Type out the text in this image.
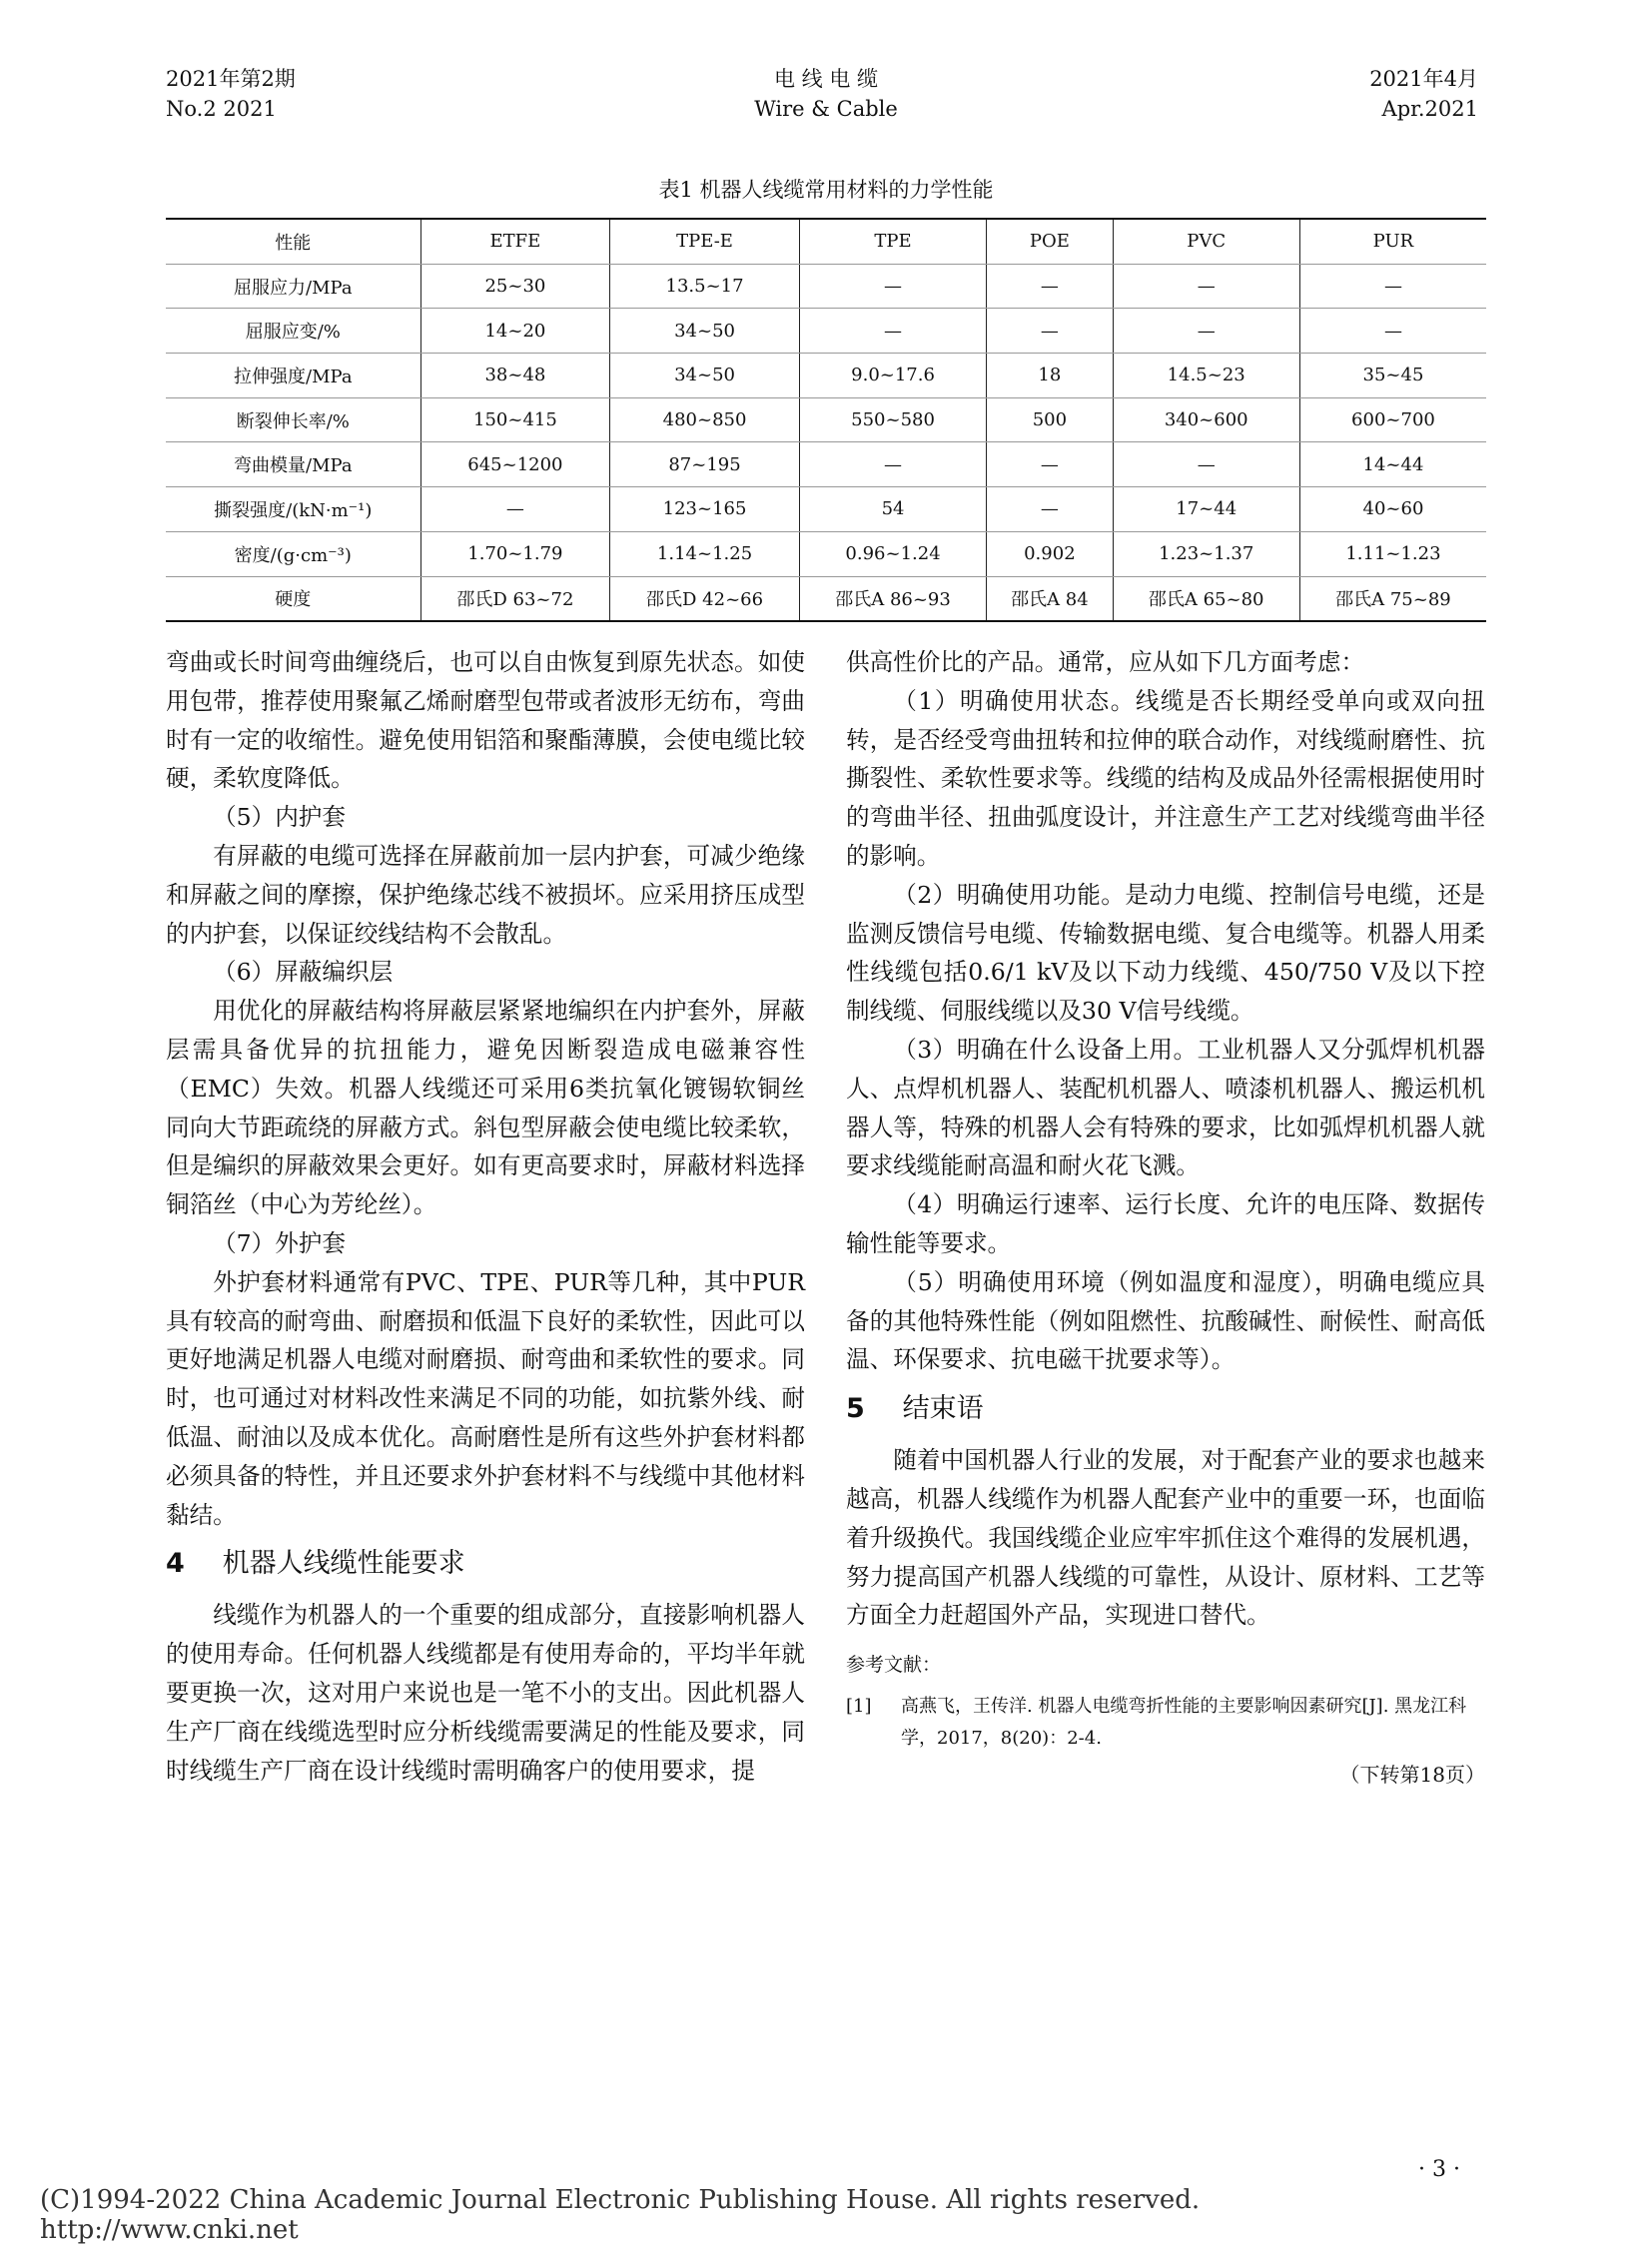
2021年第2期
No.2 2021
电 线 电 缆
Wire & Cable
2021年4月
Apr.2021
表1 机器人线缆常用材料的力学性能
性能	ETFE	TPE-E	TPE	POE	PVC	PUR
屈服应力/MPa	25~30	13.5~17	—	—	—	—
屈服应变/%	14~20	34~50	—	—	—	—
拉伸强度/MPa	38~48	34~50	9.0~17.6	18	14.5~23	35~45
断裂伸长率/%	150~415	480~850	550~580	500	340~600	600~700
弯曲模量/MPa	645~1200	87~195	—	—	—	14~44
撕裂强度/(kN·m⁻¹)	—	123~165	54	—	17~44	40~60
密度/(g·cm⁻³)	1.70~1.79	1.14~1.25	0.96~1.24	0.902	1.23~1.37	1.11~1.23
硬度	邵氏D 63~72	邵氏D 42~66	邵氏A 86~93	邵氏A 84	邵氏A 65~80	邵氏A 75~89

弯曲或长时间弯曲缠绕后，也可以自由恢复到原先状态。如使用包带，推荐使用聚氟乙烯耐磨型包带或者波形无纺布，弯曲时有一定的收缩性。避免使用铝箔和聚酯薄膜，会使电缆比较硬，柔软度降低。

（5）内护套

有屏蔽的电缆可选择在屏蔽前加一层内护套，可减少绝缘和屏蔽之间的摩擦，保护绝缘芯线不被损坏。应采用挤压成型的内护套，以保证绞线结构不会散乱。

（6）屏蔽编织层

用优化的屏蔽结构将屏蔽层紧紧地编织在内护套外，屏蔽层需具备优异的抗扭能力，避免因断裂造成电磁兼容性（EMC）失效。机器人线缆还可采用6类抗氧化镀锡软铜丝同向大节距疏绕的屏蔽方式。斜包型屏蔽会使电缆比较柔软，但是编织的屏蔽效果会更好。如有更高要求时，屏蔽材料选择铜箔丝（中心为芳纶丝）。

（7）外护套

外护套材料通常有PVC、TPE、PUR等几种，其中PUR具有较高的耐弯曲、耐磨损和低温下良好的柔软性，因此可以更好地满足机器人电缆对耐磨损、耐弯曲和柔软性的要求。同时，也可通过对材料改性来满足不同的功能，如抗紫外线、耐低温、耐油以及成本优化。高耐磨性是所有这些外护套材料都必须具备的特性，并且还要求外护套材料不与线缆中其他材料黏结。

4 机器人线缆性能要求

线缆作为机器人的一个重要的组成部分，直接影响机器人的使用寿命。任何机器人线缆都是有使用寿命的，平均半年就要更换一次，这对用户来说也是一笔不小的支出。因此机器人生产厂商在线缆选型时应分析线缆需要满足的性能及要求，同时线缆生产厂商在设计线缆时需明确客户的使用要求，提

供高性价比的产品。通常，应从如下几方面考虑：

（1）明确使用状态。线缆是否长期经受单向或双向扭转，是否经受弯曲扭转和拉伸的联合动作，对线缆耐磨性、抗撕裂性、柔软性要求等。线缆的结构及成品外径需根据使用时的弯曲半径、扭曲弧度设计，并注意生产工艺对线缆弯曲半径的影响。

（2）明确使用功能。是动力电缆、控制信号电缆，还是监测反馈信号电缆、传输数据电缆、复合电缆等。机器人用柔性线缆包括0.6/1 kV及以下动力线缆、450/750 V及以下控制线缆、伺服线缆以及30 V信号线缆。

（3）明确在什么设备上用。工业机器人又分弧焊机机器人、点焊机机器人、装配机机器人、喷漆机机器人、搬运机机器人等，特殊的机器人会有特殊的要求，比如弧焊机机器人就要求线缆能耐高温和耐火花飞溅。

（4）明确运行速率、运行长度、允许的电压降、数据传输性能等要求。

（5）明确使用环境（例如温度和湿度），明确电缆应具备的其他特殊性能（例如阻燃性、抗酸碱性、耐候性、耐高低温、环保要求、抗电磁干扰要求等）。

5 结束语

随着中国机器人行业的发展，对于配套产业的要求也越来越高，机器人线缆作为机器人配套产业中的重要一环，也面临着升级换代。我国线缆企业应牢牢抓住这个难得的发展机遇，努力提高国产机器人线缆的可靠性，从设计、原材料、工艺等方面全力赶超国外产品，实现进口替代。

参考文献：
[1]	高燕飞，王传洋. 机器人电缆弯折性能的主要影响因素研究[J]. 黑龙江科学，2017，8(20)：2-4.
（下转第18页）
· 3 ·
(C)1994-2022 China Academic Journal Electronic Publishing House. All rights reserved. http://www.cnki.net
